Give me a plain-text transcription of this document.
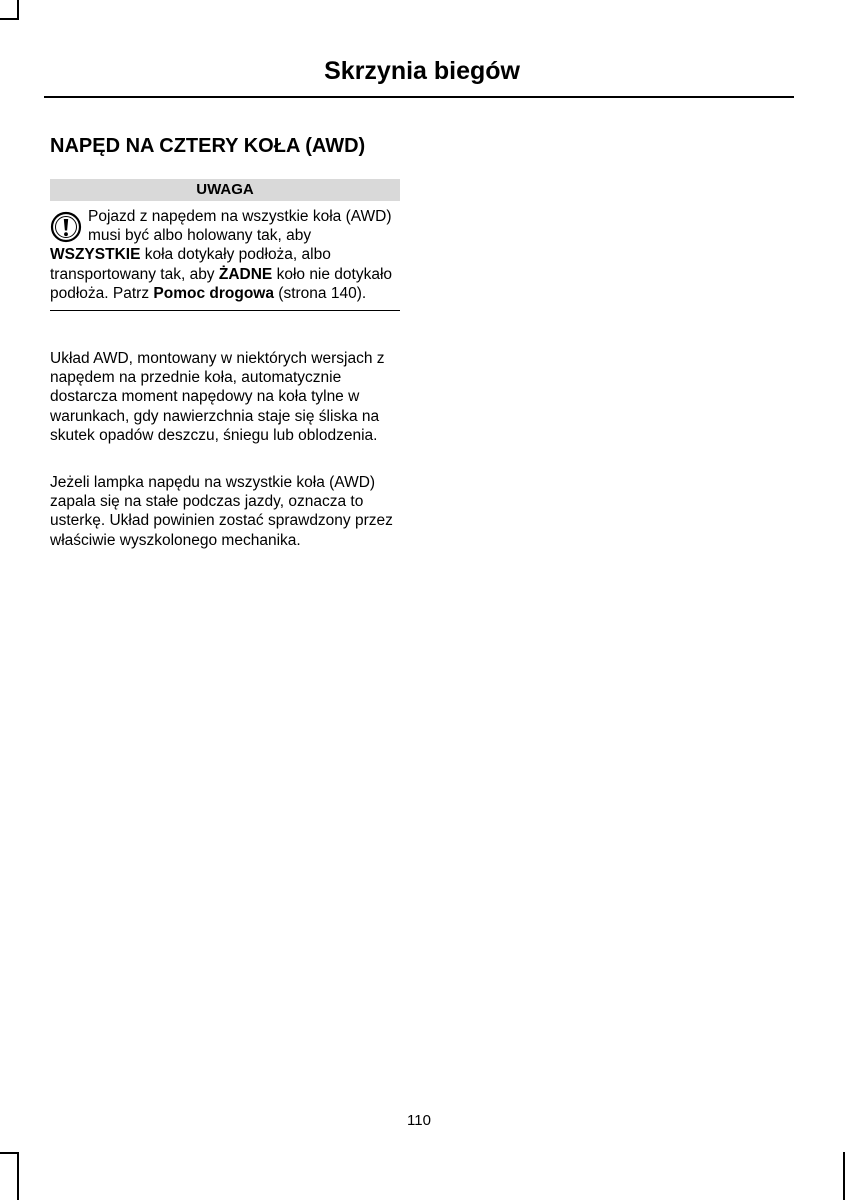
Skrzynia biegów
NAPĘD NA CZTERY KOŁA (AWD)
UWAGA
Pojazd z napędem na wszystkie koła (AWD) musi być albo holowany tak, aby WSZYSTKIE koła dotykały podłoża, albo transportowany tak, aby ŻADNE koło nie dotykało podłoża. Patrz Pomoc drogowa (strona 140).

Układ AWD, montowany w niektórych wersjach z napędem na przednie koła, automatycznie dostarcza moment napędowy na koła tylne w warunkach, gdy nawierzchnia staje się śliska na skutek opadów deszczu, śniegu lub oblodzenia.

Jeżeli lampka napędu na wszystkie koła (AWD) zapala się na stałe podczas jazdy, oznacza to usterkę. Układ powinien zostać sprawdzony przez właściwie wyszkolonego mechanika.

110
